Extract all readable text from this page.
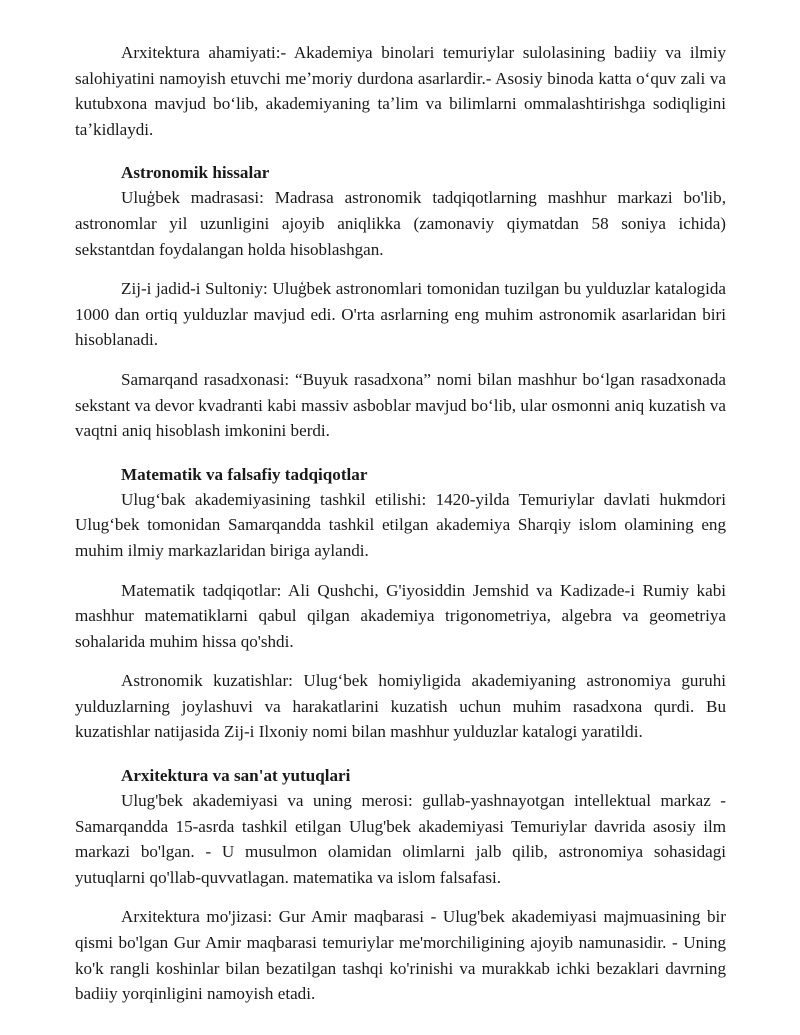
Arxitektura ahamiyati:- Akademiya binolari temuriylar sulolasining badiiy va ilmiy salohiyatini namoyish etuvchi meʼmoriy durdona asarlardir.- Asosiy binoda katta oʻquv zali va kutubxona mavjud boʻlib, akademiyaning taʼlim va bilimlarni ommalashtirishga sodiqligini taʼkidlaydi.

Astronomik hissalar

Uluģbek madrasasi: Madrasa astronomik tadqiqotlarning mashhur markazi bo'lib, astronomlar yil uzunligini ajoyib aniqlikka (zamonaviy qiymatdan 58 soniya ichida) sekstantdan foydalangan holda hisoblashgan.

Zij-i jadid-i Sultoniy: Uluģbek astronomlari tomonidan tuzilgan bu yulduzlar katalogida 1000 dan ortiq yulduzlar mavjud edi. O'rta asrlarning eng muhim astronomik asarlaridan biri hisoblanadi.

Samarqand rasadxonasi: “Buyuk rasadxona” nomi bilan mashhur boʻlgan rasadxonada sekstant va devor kvadranti kabi massiv asboblar mavjud boʻlib, ular osmonni aniq kuzatish va vaqtni aniq hisoblash imkonini berdi.

Matematik va falsafiy tadqiqotlar

Ulugʻbak akademiyasining tashkil etilishi: 1420-yilda Temuriylar davlati hukmdori Ulugʻbek tomonidan Samarqandda tashkil etilgan akademiya Sharqiy islom olamining eng muhim ilmiy markazlaridan biriga aylandi.

Matematik tadqiqotlar: Ali Qushchi, G'iyosiddin Jemshid va Kadizade-i Rumiy kabi mashhur matematiklarni qabul qilgan akademiya trigonometriya, algebra va geometriya sohalarida muhim hissa qo'shdi.

Astronomik kuzatishlar: Ulugʻbek homiyligida akademiyaning astronomiya guruhi yulduzlarning joylashuvi va harakatlarini kuzatish uchun muhim rasadxona qurdi. Bu kuzatishlar natijasida Zij-i Ilxoniy nomi bilan mashhur yulduzlar katalogi yaratildi.

Arxitektura va san'at yutuqlari

Ulug'bek akademiyasi va uning merosi: gullab-yashnayotgan intellektual markaz - Samarqandda 15-asrda tashkil etilgan Ulug'bek akademiyasi Temuriylar davrida asosiy ilm markazi bo'lgan. - U musulmon olamidan olimlarni jalb qilib, astronomiya sohasidagi yutuqlarni qo'llab-quvvatlagan. matematika va islom falsafasi.

Arxitektura mo'jizasi: Gur Amir maqbarasi - Ulug'bek akademiyasi majmuasining bir qismi bo'lgan Gur Amir maqbarasi temuriylar me'morchiligining ajoyib namunasidir. - Uning ko'k rangli koshinlar bilan bezatilgan tashqi ko'rinishi va murakkab ichki bezaklari davrning badiiy yorqinligini namoyish etadi.
